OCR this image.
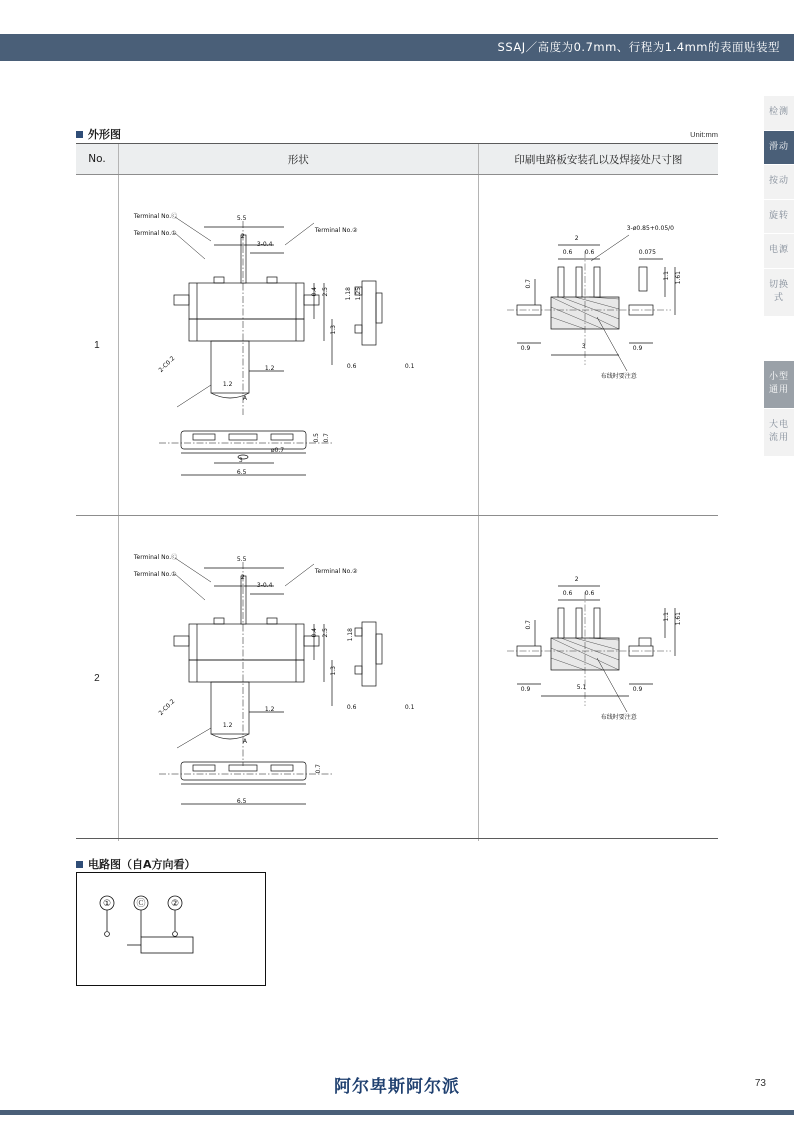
SSAJ／高度为0.7mm、行程为1.4mm的表面贴装型
检测
滑动
按动
旋转
电源
切换式
小型通用
大电流用
外形图	Unit:mm
No.	形状	印刷电路板安装孔以及焊接处尺寸图
1
Terminal No.Ⓒ
Terminal No.①	Terminal No.②
5.5
2
3-0.4
0.4 2.5
1.3
1.18 1.25
0.6	0.1
1.2
1.2
2-C0.2
A
3
6.5
ø0.7
0.5 0.7
2
3-ø0.85+0.05/0
0.6 0.6	0.075
1.1 1.61
0.7
0.9	0.9
3
布线时要注意
2
Terminal No.Ⓒ
Terminal No.①	Terminal No.②
5.5
2
3-0.4
0.4 2.5
1.3
1.18
0.6	0.1
1.2
1.2
2-C0.2
A
6.5
0.7
2
0.6 0.6
1.1 1.61
0.7
0.9	0.9
5.1
布线时要注意
电路图（自A方向看）
①	Ⓒ	②
阿尔卑斯阿尔派	73
